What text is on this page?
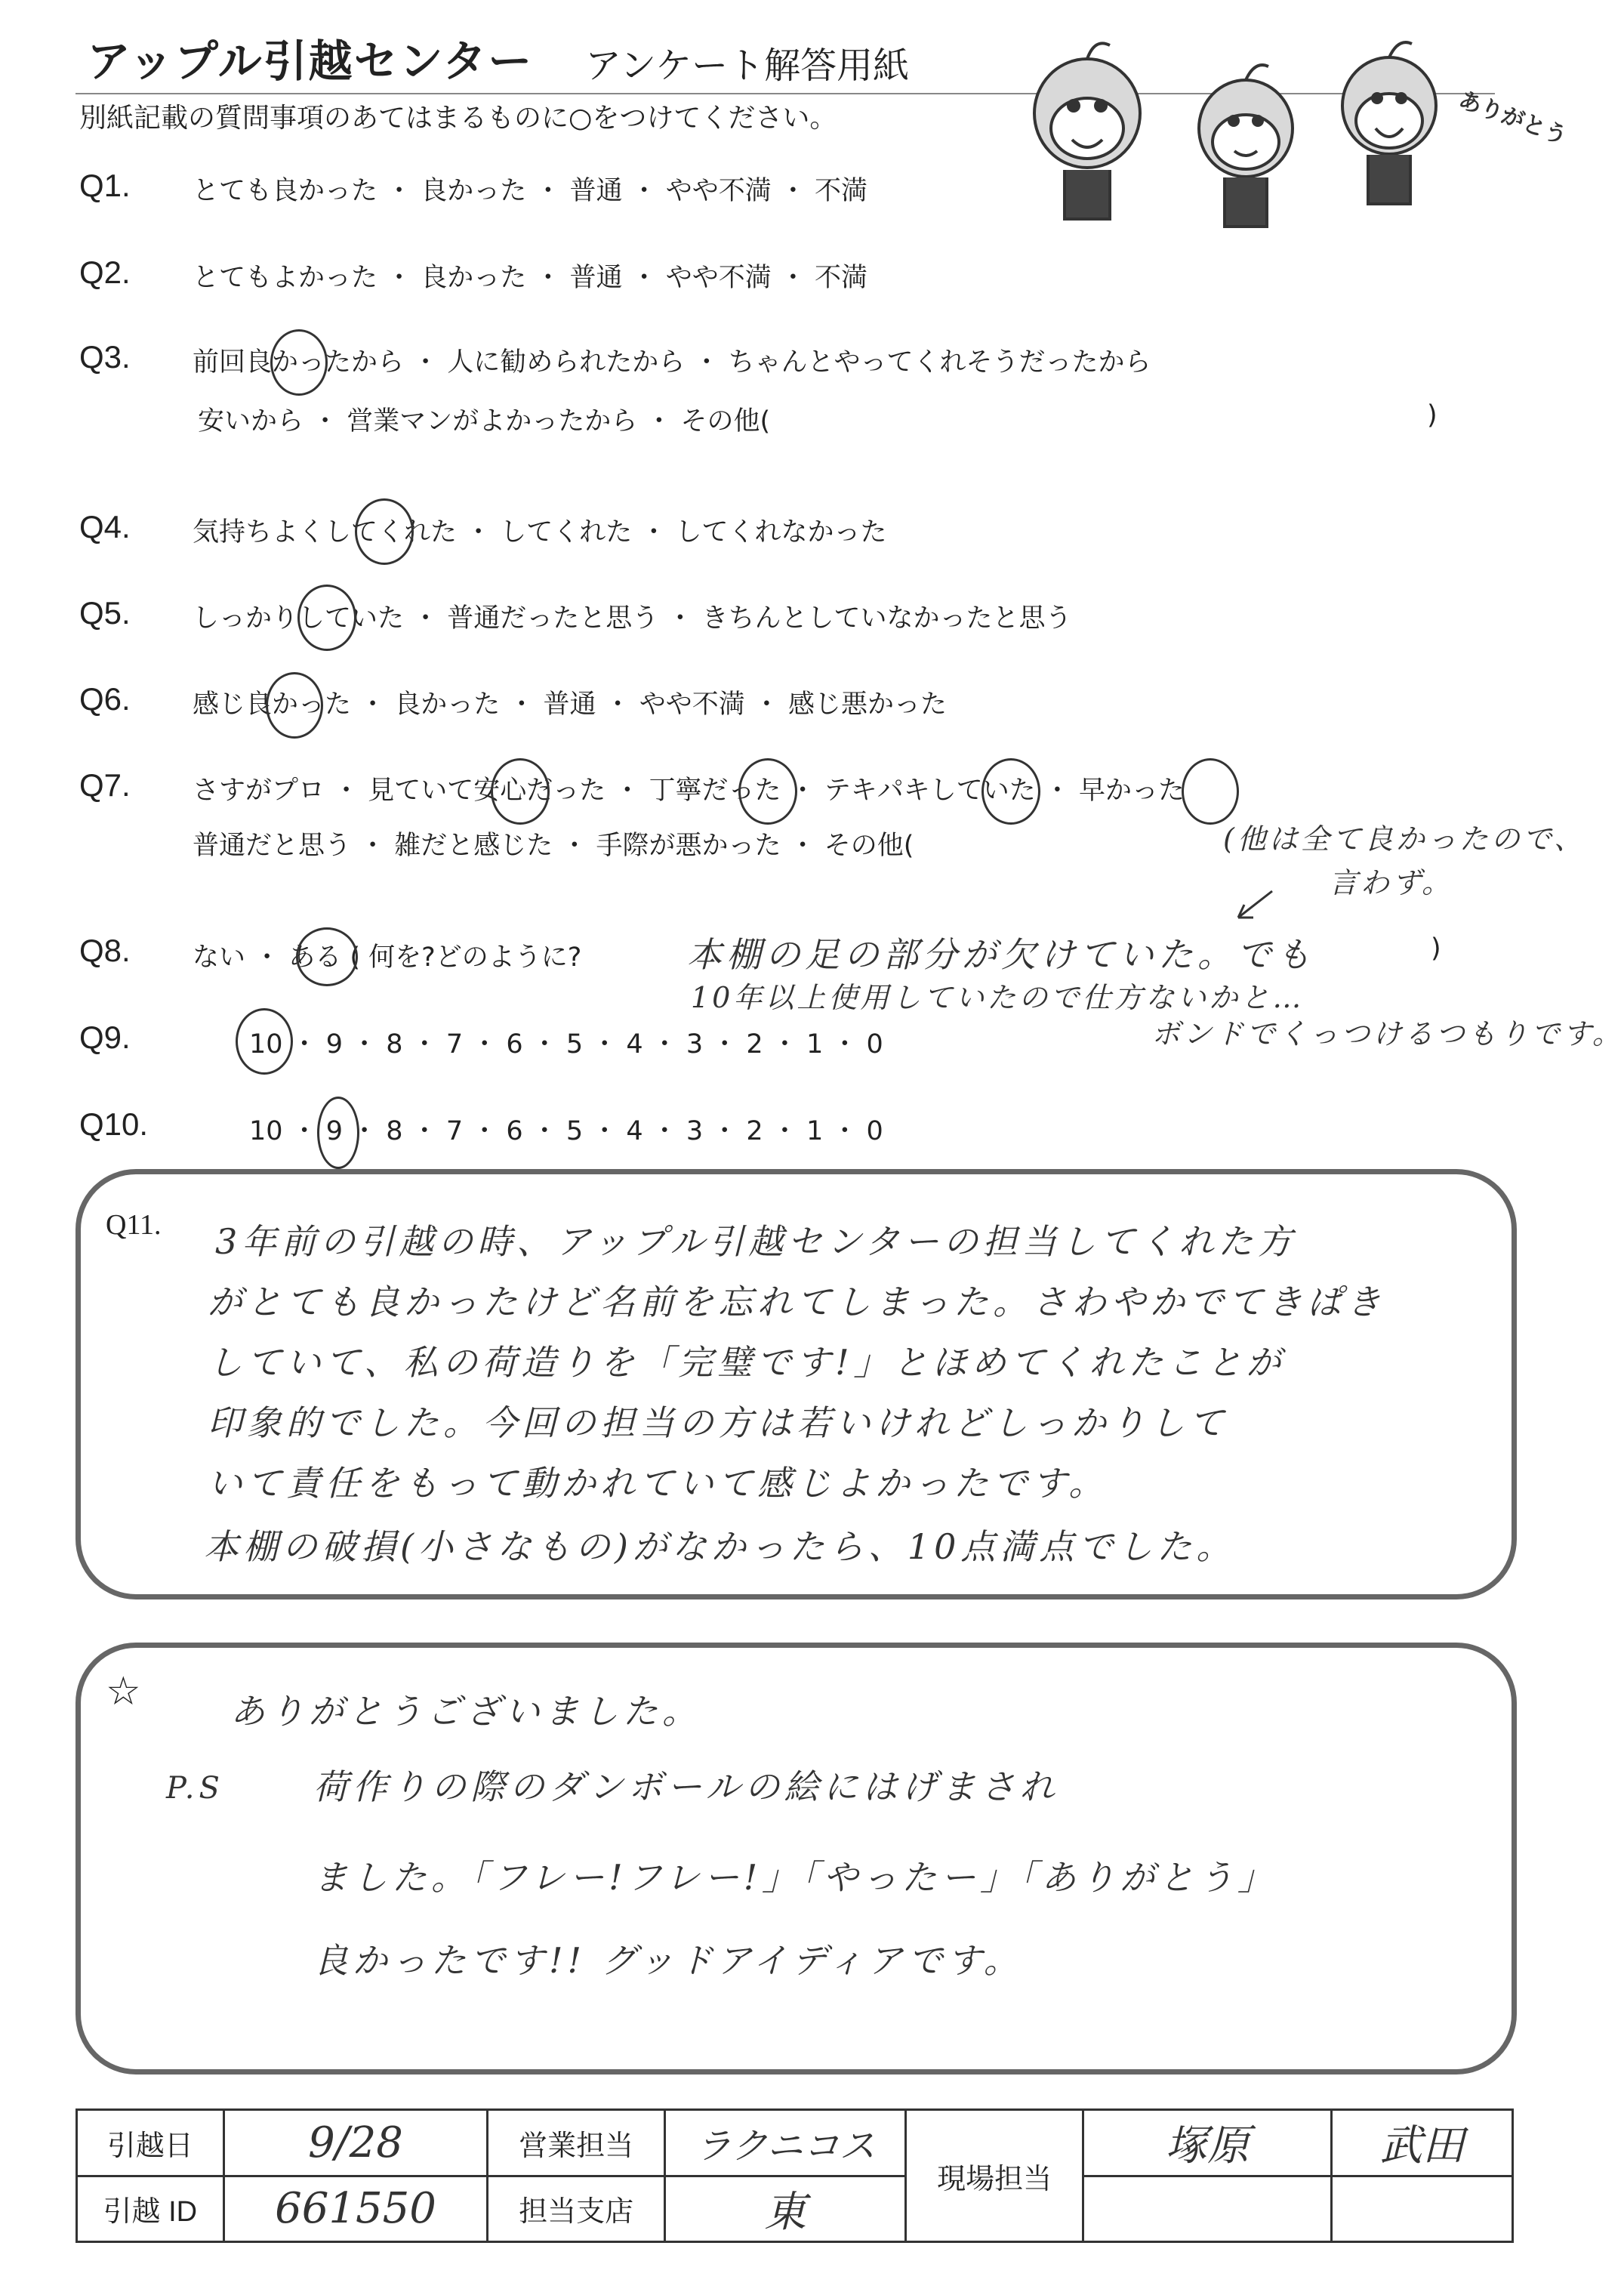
アップル引越センター アンケート解答用紙
別紙記載の質問事項のあてはまるものに○をつけてください。	ありがとう
Q1. とても良かった ・ 良かった ・ 普通 ・ やや不満 ・ 不満
Q2. とてもよかった ・ 良かった ・ 普通 ・ やや不満 ・ 不満
Q3. 前回良かったから ・ 人に勧められたから ・ ちゃんとやってくれそうだったから
安いから ・ 営業マンがよかったから ・ その他(	)
Q4. 気持ちよくしてくれた ・ してくれた ・ してくれなかった
Q5. しっかりしていた ・ 普通だったと思う ・ きちんとしていなかったと思う
Q6. 感じ良かった ・ 良かった ・ 普通 ・ やや不満 ・ 感じ悪かった
Q7. さすがプロ ・ 見ていて安心だった ・ 丁寧だった ・ テキパキしていた ・ 早かった
普通だと思う ・ 雑だと感じた ・ 手際が悪かった ・ その他(	(他は全て良かったので、
言わず。
Q8. ない ・ ある ( 何を?どのように?	)
本棚の足の部分が欠けていた。でも
10年以上使用していたので仕方ないかと…
ボンドでくっつけるつもりです。
Q9.	10 ・ 9 ・ 8 ・ 7 ・ 6 ・ 5 ・ 4 ・ 3 ・ 2 ・ 1 ・ 0
Q10.	10 ・ 9 ・ 8 ・ 7 ・ 6 ・ 5 ・ 4 ・ 3 ・ 2 ・ 1 ・ 0
Q11. 3年前の引越の時、アップル引越センターの担当してくれた方
がとても良かったけど名前を忘れてしまった。さわやかでてきぱき
していて、私の荷造りを「完璧です!」とほめてくれたことが
印象的でした。今回の担当の方は若いけれどしっかりして
いて責任をもって動かれていて感じよかったです。
本棚の破損(小さなもの)がなかったら、10点満点でした。
☆	ありがとうございました。
P.S	荷作りの際のダンボールの絵にはげまされ
ました。「フレー!フレー!」「やったー」「ありがとう」
良かったです!! グッドアイディアです。
引越日	9/28	営業担当	ラクニコス	現場担当	塚原	武田
引越 ID	661550	担当支店	東			
